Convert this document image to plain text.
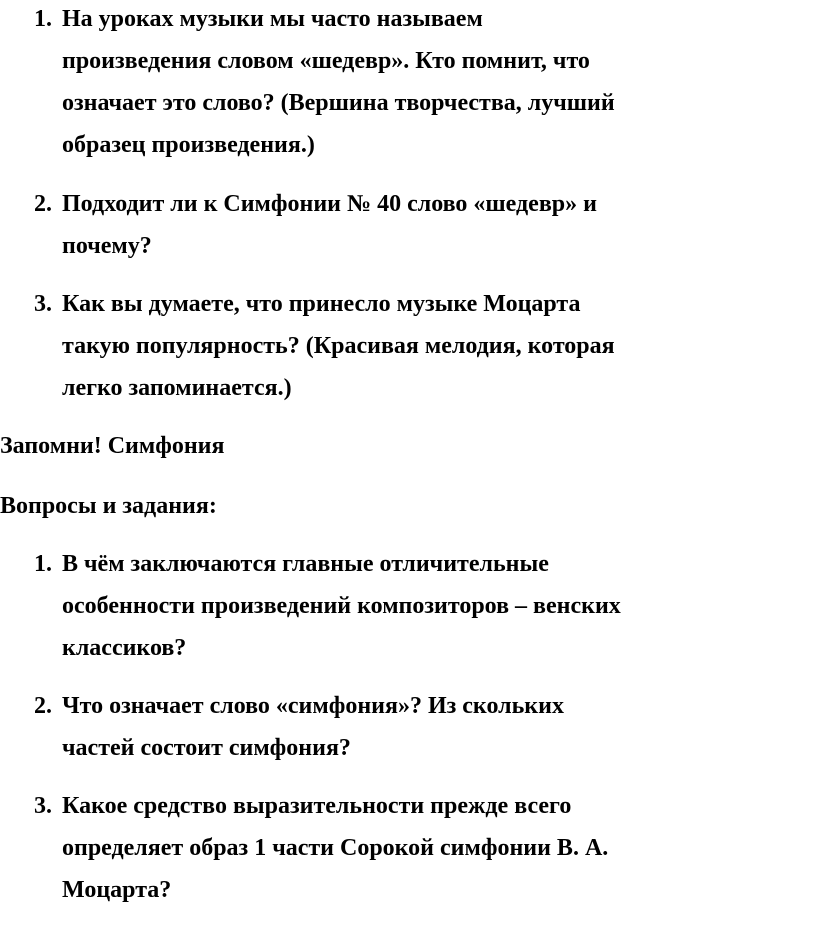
1. На уроках музыки мы часто называем
произведения словом «шедевр». Кто помнит, что
означает это слово? (Вершина творчества, лучший
образец произведения.)
2. Подходит ли к Симфонии № 40 слово «шедевр» и
почему?
3. Как вы думаете, что принесло музыке Моцарта
такую популярность? (Красивая мелодия, которая
легко запоминается.)
Запомни! Симфония
Вопросы и задания:
1. В чём заключаются главные отличительные
особенности произведений композиторов – венских
классиков?
2. Что означает слово «симфония»? Из скольких
частей состоит симфония?
3. Какое средство выразительности прежде всего
определяет образ 1 части Сорокой симфонии В. А.
Моцарта?
